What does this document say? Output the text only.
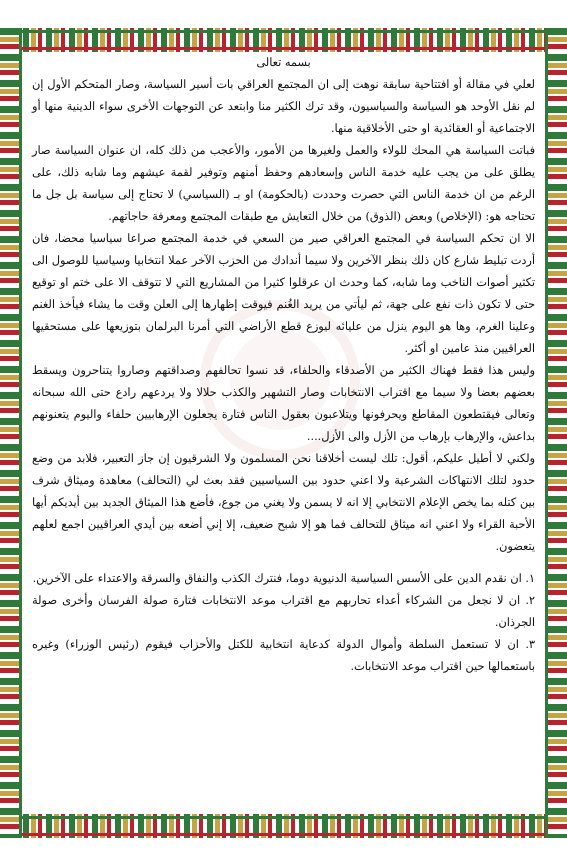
بسمه تعالى

لعلي في مقالة أو افتتاحية سابقة نوهت إلى ان المجتمع العراقي بات أسير السياسة، وصار المتحكم الأول إن لم نقل الأوحد هو السياسة والسياسيون، وقد ترك الكثير منا وابتعد عن التوجهات الأخرى سواء الدينية منها أو الاجتماعية أو العقائدية او حتى الأخلاقية منها.

فباتت السياسة هي المحك للولاء والعمل ولغيرها من الأمور، والأعجب من ذلك كله، ان عنوان السياسة صار يطلق على من يجب عليه خدمة الناس وإسعادهم وحفظ أمنهم وتوفير لقمة عيشهم وما شابه ذلك، على الرغم من ان خدمة الناس التي حصرت وحددت (بالحكومة) او بـ (السياسي) لا تحتاج إلى سياسة بل جل ما تحتاجه هو: (الإخلاص) وبعض (الذوق) من خلال التعايش مع طبقات المجتمع ومعرفة حاجاتهم.

الا ان تحكم السياسة في المجتمع العراقي صير من السعي في خدمة المجتمع صراعا سياسيا محضا، فان أردت تبليط شارع كان ذلك بنظر الآخرين ولا سيما أندادك من الحزب الآخر عملا انتخابيا وسياسيا للوصول الى تكثير أصوات الناخب وما شابه، كما وحدث ان عرقلوا كثيرا من المشاريع التي لا تتوقف الا على ختم او توقيع حتى لا تكون ذات نفع على جهة، ثم ليأتي من يريد الغُنم فيوقت إظهارها إلى العلن وقت ما يشاء فيأخذ الغنم وعلينا الغرم، وها هو اليوم ينزل من عليائه ليوزع قطع الأراضي التي أمرنا البرلمان بتوزيعها على مستحقيها العراقيين منذ عامين او أكثر.

وليس هذا فقط فهناك الكثير من الأصدقاء والحلفاء، قد نسوا تحالفهم وصداقتهم وصاروا يتناحرون ويسقط بعضهم بعضا ولا سيما مع اقتراب الانتخابات وصار التشهير والكذب حلالا ولا يردعهم رادع حتى الله سبحانه وتعالى فيقتطعون المقاطع ويحرفونها ويتلاعبون بعقول الناس فتارة يجعلون الإرهابيين حلفاء واليوم يتعنونهم بداعش، والإرهاب بإرهاب من الأزل والى الأزل....

ولكني لا أطيل عليكم، أقول: تلك ليست أخلاقنا نحن المسلمون ولا الشرقيون إن جاز التعبير، فلابد من وضع حدود لتلك الانتهاكات الشرعية ولا اعني حدود بين السياسيين فقد بعث لي (التحالف) معاهدة وميثاق شرف بين كتله بما يخص الإعلام الانتخابي إلا انه لا يسمن ولا يغني من جوع، فأضع هذا الميثاق الجديد بين أيديكم أيها الأحبة القراء ولا اعني انه ميثاق للتحالف فما هو إلا شبح ضعيف، إلا إني أضعه بين أيدي العراقيين اجمع لعلهم يتعضون.

١. ان نقدم الدين على الأسس السياسية الدنيوية دوما، فنترك الكذب والنفاق والسرقة والاعتداء على الآخرين.
٢. ان لا نجعل من الشركاء أعداء تحاربهم مع اقتراب موعد الانتخابات فتارة صولة الفرسان وأخرى صولة الجرذان.
٣. ان لا تستعمل السلطة وأموال الدولة كدعاية انتخابية للكتل والأحزاب فيقوم (رئيس الوزراء) وغيره باستعمالها حين اقتراب موعد الانتخابات.
